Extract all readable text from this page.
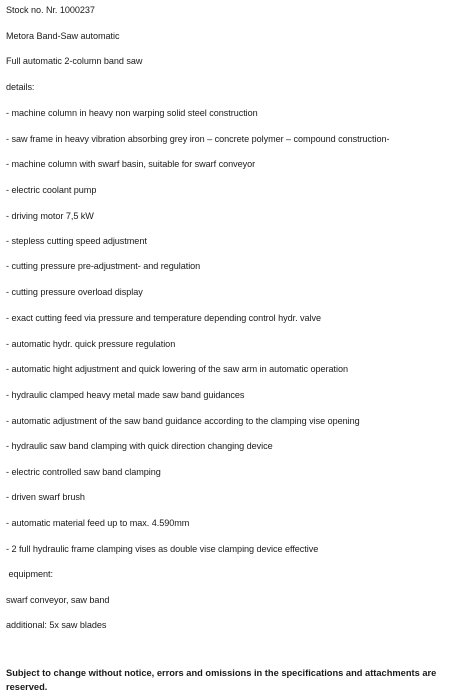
Stock no. Nr. 1000237
Metora Band-Saw automatic
Full automatic 2-column band saw
details:
- machine column in heavy non warping solid steel construction
- saw frame in heavy vibration absorbing grey iron – concrete polymer – compound construction-
- machine column with swarf basin, suitable for swarf conveyor
- electric coolant pump
- driving motor 7,5 kW
- stepless cutting speed adjustment
- cutting pressure pre-adjustment- and regulation
- cutting pressure overload display
- exact cutting feed via pressure and temperature depending control hydr. valve
- automatic hydr. quick pressure regulation
- automatic hight adjustment and quick lowering of the saw arm in automatic operation
- hydraulic clamped heavy metal made saw band guidances
- automatic adjustment of the saw band guidance according to the clamping vise opening
- hydraulic saw band clamping with quick direction changing device
- electric controlled saw band clamping
- driven swarf brush
- automatic material feed up to max. 4.590mm
- 2 full hydraulic frame clamping vises as double vise clamping device effective
equipment:
swarf conveyor, saw band
additional: 5x saw blades
Subject to change without notice, errors and omissions in the specifications and attachments are reserved.
